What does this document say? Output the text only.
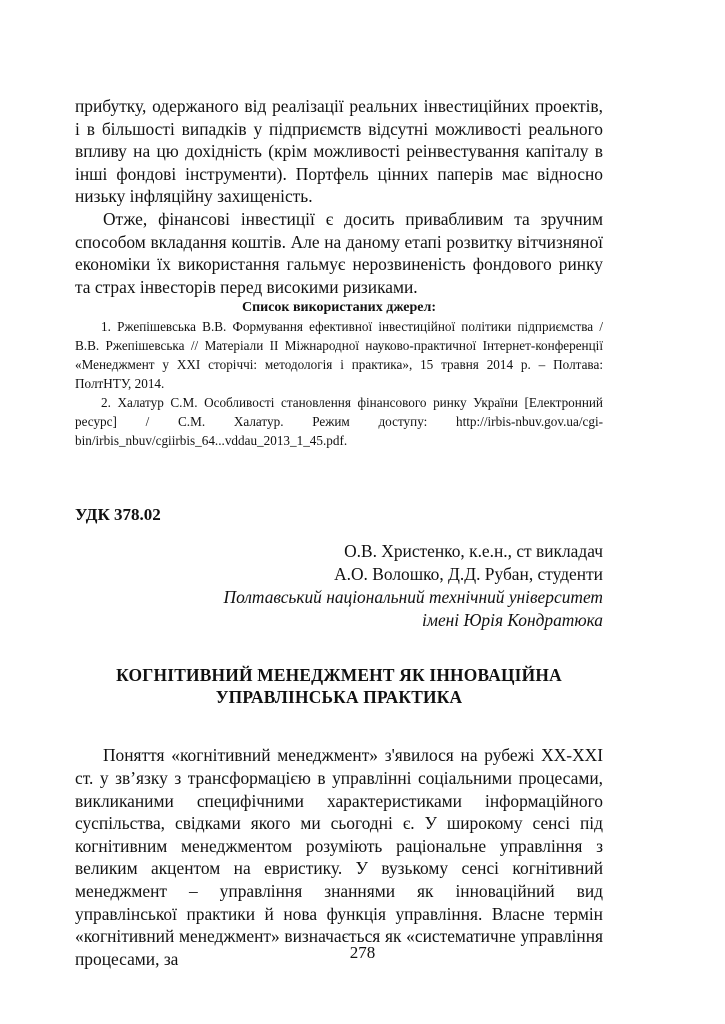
прибутку, одержаного від реалізації реальних інвестиційних проектів, і в більшості випадків у підприємств відсутні можливості реального впливу на цю дохідність (крім можливості реінвестування капіталу в інші фондові інструменти). Портфель цінних паперів має відносно низьку інфляційну захищеність.

Отже, фінансові інвестиції є досить привабливим та зручним способом вкладання коштів. Але на даному етапі розвитку вітчизняної економіки їх використання гальмує нерозвиненість фондового ринку та страх інвесторів перед високими ризиками.

Список використаних джерел:

1. Ржепішевська В.В. Формування ефективної інвестиційної політики підприємства / В.В. Ржепішевська // Матеріали ІІ Міжнародної науково-практичної Інтернет-конференції «Менеджмент у ХХІ сторіччі: методологія і практика», 15 травня 2014 р. – Полтава: ПолтНТУ, 2014.

2. Халатур С.М. Особливості становлення фінансового ринку України [Електронний ресурс] / С.М. Халатур. Режим доступу: http://irbis-nbuv.gov.ua/cgi-bin/irbis_nbuv/cgiirbis_64...vddau_2013_1_45.pdf.

УДК 378.02
О.В. Христенко, к.е.н., ст викладач
А.О. Волошко, Д.Д. Рубан, студенти
Полтавський національний технічний університет
імені Юрія Кондратюка
КОГНІТИВНИЙ МЕНЕДЖМЕНТ ЯК ІННОВАЦІЙНА
УПРАВЛІНСЬКА ПРАКТИКА

Поняття «когнітивний менеджмент» з'явилося на рубежі ХХ-ХХІ ст. у зв’язку з трансформацією в управлінні соціальними процесами, викликаними специфічними характеристиками інформаційного суспільства, свідками якого ми сьогодні є. У широкому сенсі під когнітивним менеджментом розуміють раціональне управління з великим акцентом на евристику. У вузькому сенсі когнітивний менеджмент – управління знаннями як інноваційний вид управлінської практики й нова функція управління. Власне термін «когнітивний менеджмент» визначається як «систематичне управління процесами, за	278
